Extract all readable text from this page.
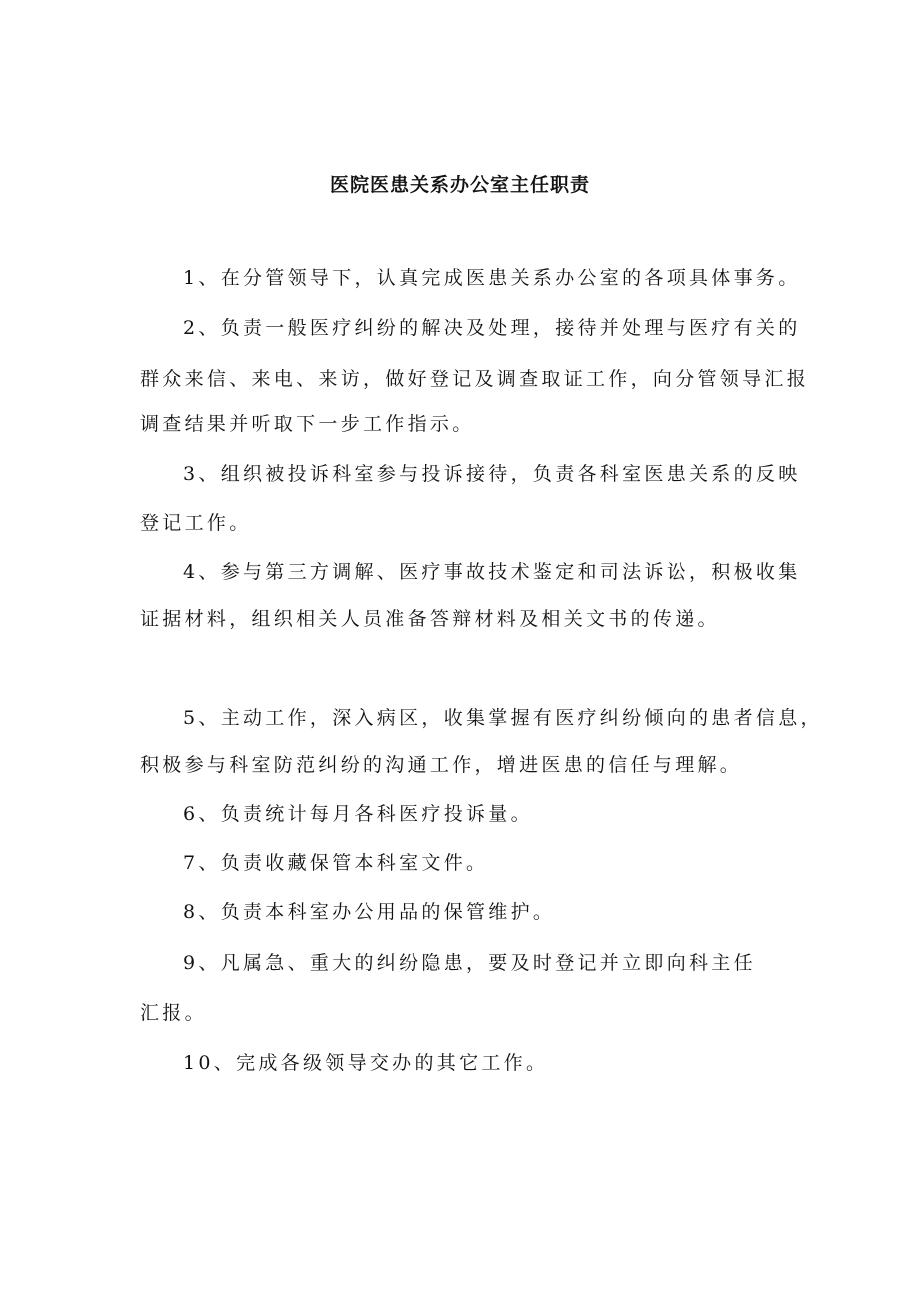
医院医患关系办公室主任职责
1、在分管领导下，认真完成医患关系办公室的各项具体事务。
2、负责一般医疗纠纷的解决及处理，接待并处理与医疗有关的
群众来信、来电、来访，做好登记及调查取证工作，向分管领导汇报
调查结果并听取下一步工作指示。
3、组织被投诉科室参与投诉接待，负责各科室医患关系的反映
登记工作。
4、参与第三方调解、医疗事故技术鉴定和司法诉讼，积极收集
证据材料，组织相关人员准备答辩材料及相关文书的传递。
5、主动工作，深入病区，收集掌握有医疗纠纷倾向的患者信息，
积极参与科室防范纠纷的沟通工作，增进医患的信任与理解。
6、负责统计每月各科医疗投诉量。
7、负责收藏保管本科室文件。
8、负责本科室办公用品的保管维护。
9、凡属急、重大的纠纷隐患，要及时登记并立即向科主任
汇报。
10、完成各级领导交办的其它工作。
